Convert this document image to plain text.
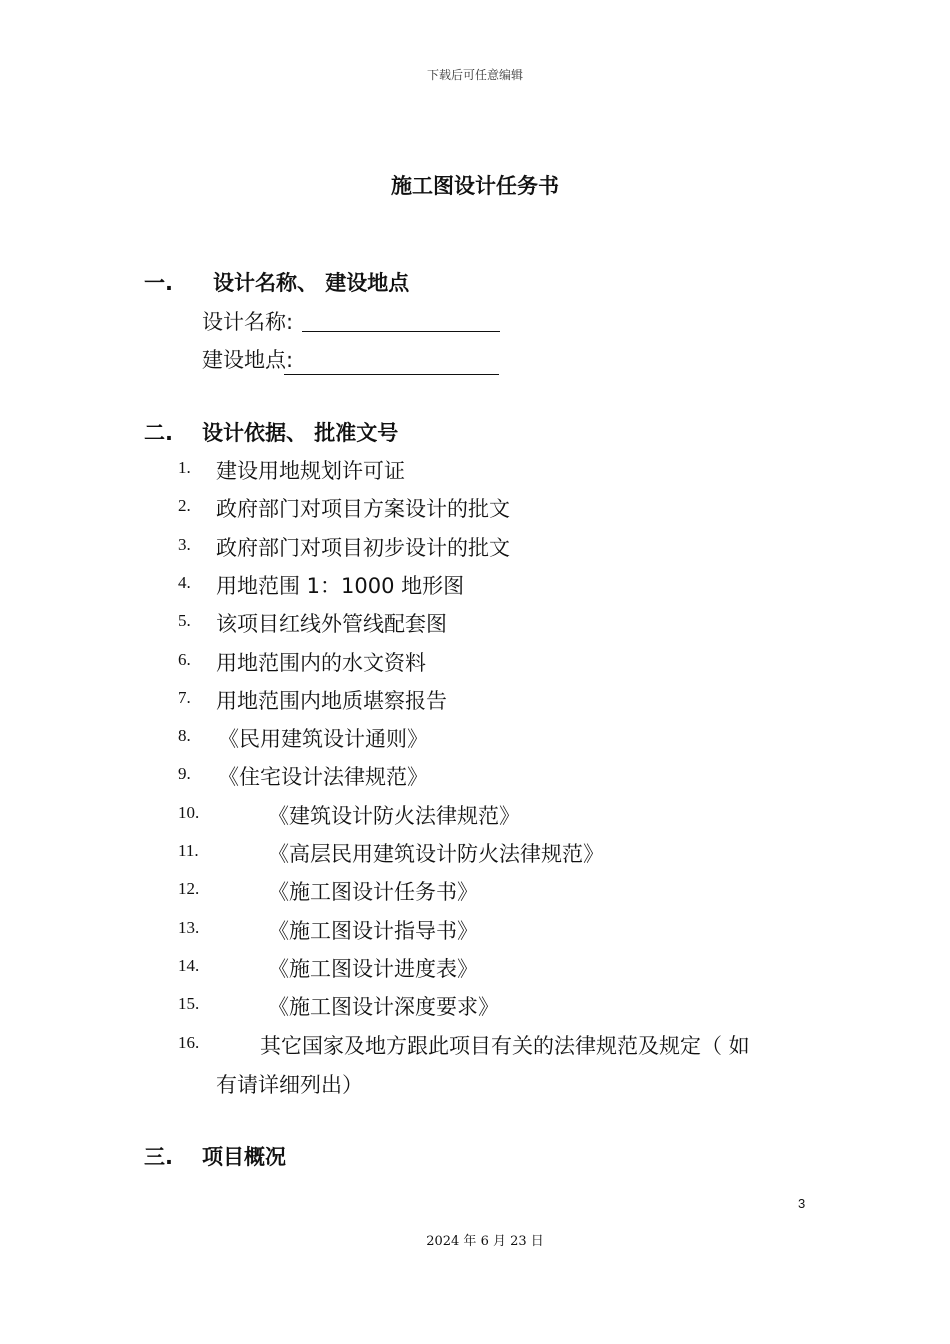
下载后可任意编辑
施工图设计任务书
一. 设计名称、 建设地点
设计名称:
建设地点:
二. 设计依据、 批准文号
1. 建设用地规划许可证
2. 政府部门对项目方案设计的批文
3. 政府部门对项目初步设计的批文
4. 用地范围 1：1000 地形图
5. 该项目红线外管线配套图
6. 用地范围内的水文资料
7. 用地范围内地质堪察报告
8. 《民用建筑设计通则》
9. 《住宅设计法律规范》
10.	《建筑设计防火法律规范》
11.	《高层民用建筑设计防火法律规范》
12.	《施工图设计任务书》
13.	《施工图设计指导书》
14.	《施工图设计进度表》
15.	《施工图设计深度要求》
有请详细列出）
16.	其它国家及地方跟此项目有关的法律规范及规定（ 如
三. 项目概况
3
2024 年 6 月 23 日
